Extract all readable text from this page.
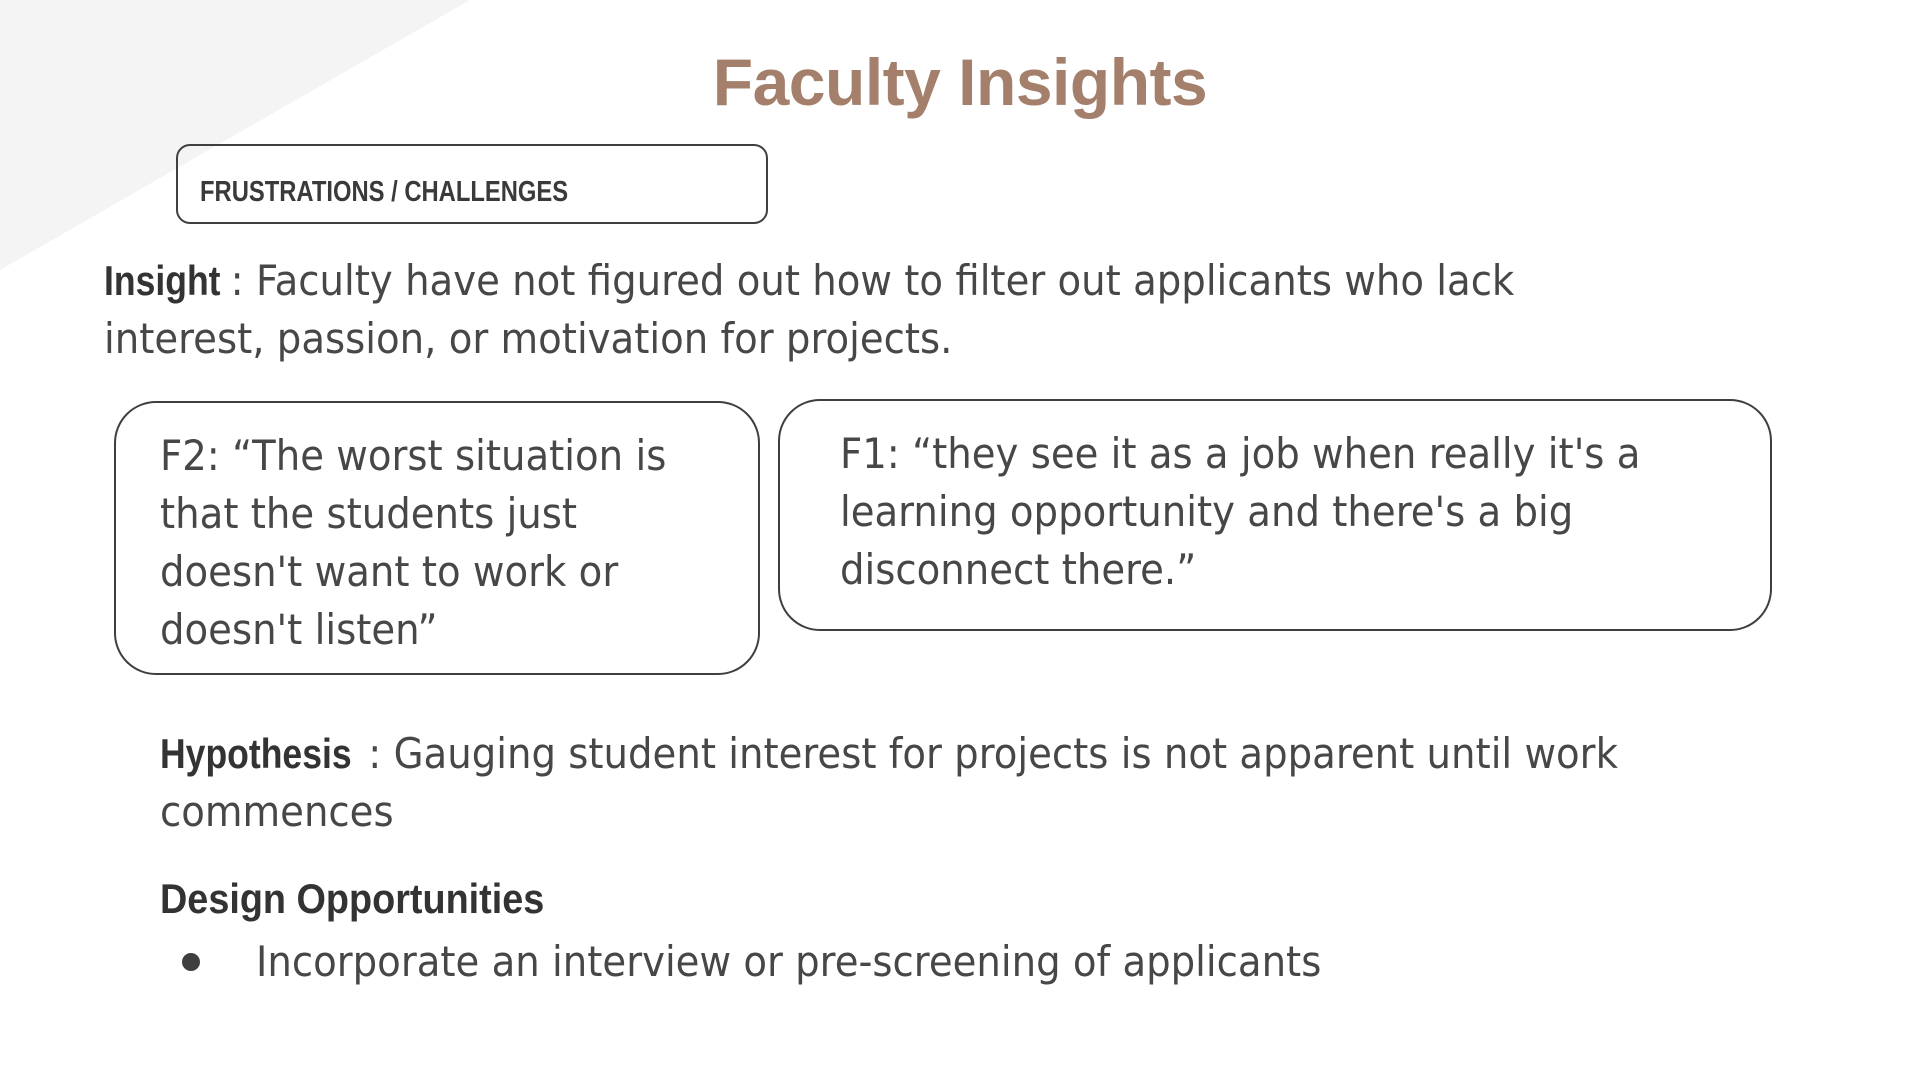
Faculty Insights
FRUSTRATIONS / CHALLENGES
Insight : Faculty have not figured out how to filter out applicants who lack interest, passion, or motivation for projects.
F2: “The worst situation is that the students just doesn't want to work or doesn't listen”
F1: “they see it as a job when really it's a learning opportunity and there's a big disconnect there.”
Hypothesis : Gauging student interest for projects is not apparent until work commences
Design Opportunities
Incorporate an interview or pre-screening of applicants
